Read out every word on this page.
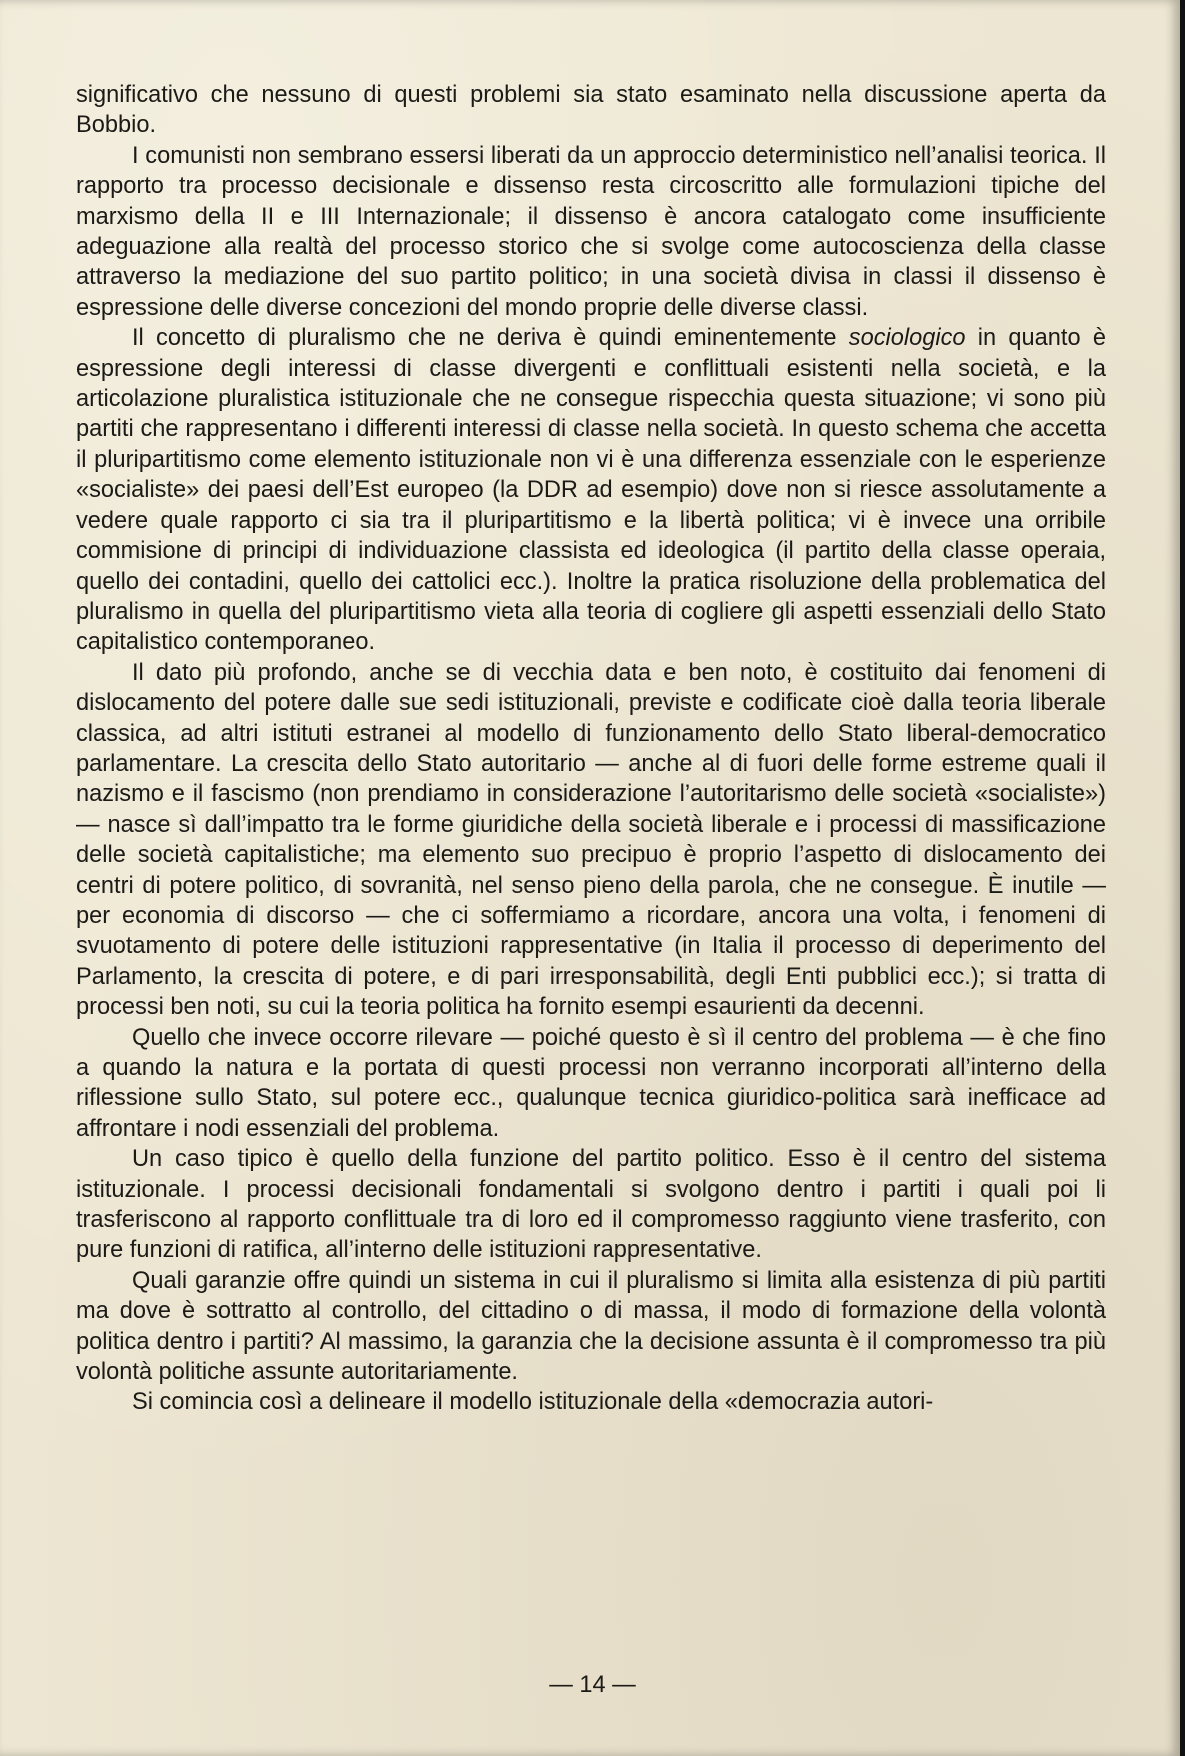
significativo che nessuno di questi problemi sia stato esaminato nella discussione aperta da Bobbio.

I comunisti non sembrano essersi liberati da un approccio deterministico nell’analisi teorica. Il rapporto tra processo decisionale e dissenso resta circoscritto alle formulazioni tipiche del marxismo della II e III Internazionale; il dissenso è ancora catalogato come insufficiente adeguazione alla realtà del processo storico che si svolge come autocoscienza della classe attraverso la mediazione del suo partito politico; in una società divisa in classi il dissenso è espressione delle diverse concezioni del mondo proprie delle diverse classi.

Il concetto di pluralismo che ne deriva è quindi eminentemente sociologico in quanto è espressione degli interessi di classe divergenti e conflittuali esistenti nella società, e la articolazione pluralistica istituzionale che ne consegue rispecchia questa situazione; vi sono più partiti che rappresentano i differenti interessi di classe nella società. In questo schema che accetta il pluripartitismo come elemento istituzionale non vi è una differenza essenziale con le esperienze «socialiste» dei paesi dell’Est europeo (la DDR ad esempio) dove non si riesce assolutamente a vedere quale rapporto ci sia tra il pluripartitismo e la libertà politica; vi è invece una orribile commisione di principi di individuazione classista ed ideologica (il partito della classe operaia, quello dei contadini, quello dei cattolici ecc.). Inoltre la pratica risoluzione della problematica del pluralismo in quella del pluripartitismo vieta alla teoria di cogliere gli aspetti essenziali dello Stato capitalistico contemporaneo.

Il dato più profondo, anche se di vecchia data e ben noto, è costituito dai fenomeni di dislocamento del potere dalle sue sedi istituzionali, previste e codificate cioè dalla teoria liberale classica, ad altri istituti estranei al modello di funzionamento dello Stato liberal-democratico parlamentare. La crescita dello Stato autoritario — anche al di fuori delle forme estreme quali il nazismo e il fascismo (non prendiamo in considerazione l’autoritarismo delle società «socialiste») — nasce sì dall’impatto tra le forme giuridiche della società liberale e i processi di massificazione delle società capitalistiche; ma elemento suo precipuo è proprio l’aspetto di dislocamento dei centri di potere politico, di sovranità, nel senso pieno della parola, che ne consegue. È inutile — per economia di discorso — che ci soffermiamo a ricordare, ancora una volta, i fenomeni di svuotamento di potere delle istituzioni rappresentative (in Italia il processo di deperimento del Parlamento, la crescita di potere, e di pari irresponsabilità, degli Enti pubblici ecc.); si tratta di processi ben noti, su cui la teoria politica ha fornito esempi esaurienti da decenni.

Quello che invece occorre rilevare — poiché questo è sì il centro del problema — è che fino a quando la natura e la portata di questi processi non verranno incorporati all’interno della riflessione sullo Stato, sul potere ecc., qualunque tecnica giuridico-politica sarà inefficace ad affrontare i nodi essenziali del problema.

Un caso tipico è quello della funzione del partito politico. Esso è il centro del sistema istituzionale. I processi decisionali fondamentali si svolgono dentro i partiti i quali poi li trasferiscono al rapporto conflittuale tra di loro ed il compromesso raggiunto viene trasferito, con pure funzioni di ratifica, all’interno delle istituzioni rappresentative.

Quali garanzie offre quindi un sistema in cui il pluralismo si limita alla esistenza di più partiti ma dove è sottratto al controllo, del cittadino o di massa, il modo di formazione della volontà politica dentro i partiti? Al massimo, la garanzia che la decisione assunta è il compromesso tra più volontà politiche assunte autoritariamente.

Si comincia così a delineare il modello istituzionale della «democrazia autori-

— 14 —
